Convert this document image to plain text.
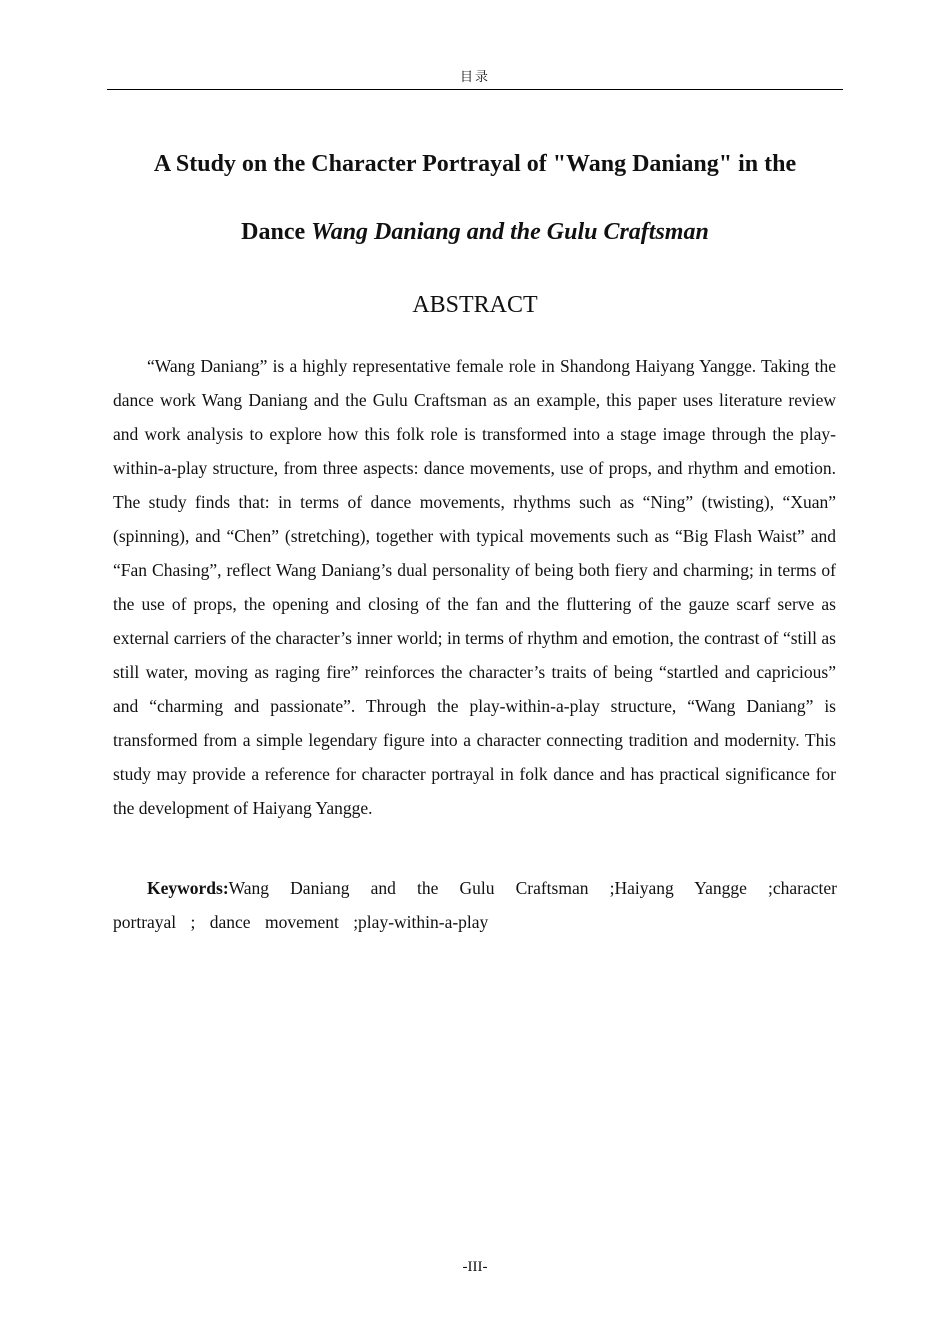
目录
A Study on the Character Portrayal of "Wang Daniang" in the
Dance Wang Daniang and the Gulu Craftsman
ABSTRACT

“Wang Daniang” is a highly representative female role in Shandong Haiyang Yangge. Taking the dance work Wang Daniang and the Gulu Craftsman as an example, this paper uses literature review and work analysis to explore how this folk role is transformed into a stage image through the play-within-a-play structure, from three aspects: dance movements, use of props, and rhythm and emotion. The study finds that: in terms of dance movements, rhythms such as “Ning” (twisting), “Xuan” (spinning), and “Chen” (stretching), together with typical movements such as “Big Flash Waist” and “Fan Chasing”, reflect Wang Daniang’s dual personality of being both fiery and charming; in terms of the use of props, the opening and closing of the fan and the fluttering of the gauze scarf serve as external carriers of the character’s inner world; in terms of rhythm and emotion, the contrast of “still as still water, moving as raging fire” reinforces the character’s traits of being “startled and capricious” and “charming and passionate”. Through the play-within-a-play structure, “Wang Daniang” is transformed from a simple legendary figure into a character connecting tradition and modernity. This study may provide a reference for character portrayal in folk dance and has practical significance for the development of Haiyang Yangge.

Keywords:Wang Daniang and the Gulu Craftsman ;Haiyang Yangge ;character portrayal ; dance movement ;play-within-a-play

-III-
